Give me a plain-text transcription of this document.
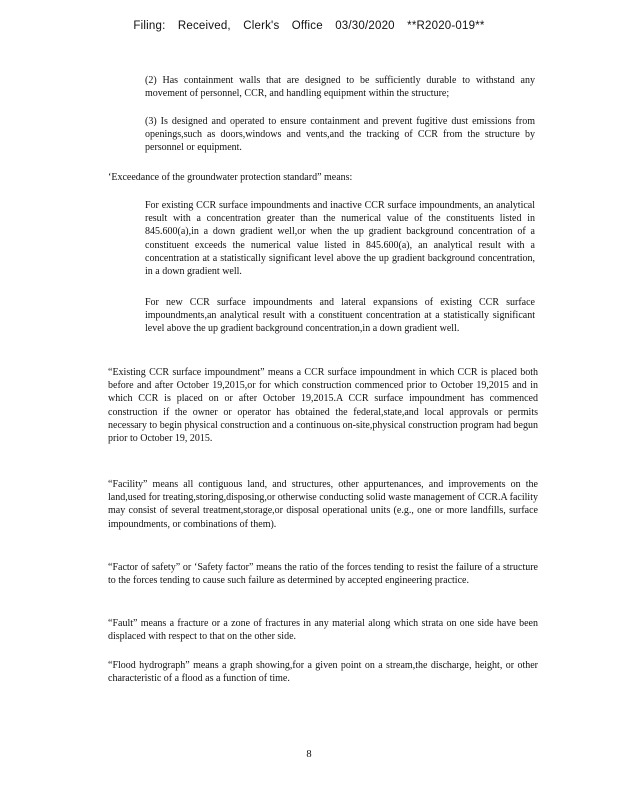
Filing: Received, Clerk's Office 03/30/2020 **R2020-019**
(2) Has containment walls that are designed to be sufficiently durable to withstand any movement of personnel, CCR, and handling equipment within the structure;
(3) Is designed and operated to ensure containment and prevent fugitive dust emissions from openings,such as doors,windows and vents,and the tracking of CCR from the structure by personnel or equipment.
‘Exceedance of the groundwater protection standard” means:
For existing CCR surface impoundments and inactive CCR surface impoundments, an analytical result with a concentration greater than the numerical value of the constituents listed in 845.600(a),in a down gradient well,or when the up gradient background concentration of a constituent exceeds the numerical value listed in 845.600(a), an analytical result with a concentration at a statistically significant level above the up gradient background concentration, in a down gradient well.
For new CCR surface impoundments and lateral expansions of existing CCR surface impoundments,an analytical result with a constituent concentration at a statistically significant level above the up gradient background concentration,in a down gradient well.
“Existing CCR surface impoundment” means a CCR surface impoundment in which CCR is placed both before and after October 19,2015,or for which construction commenced prior to October 19,2015 and in which CCR is placed on or after October 19,2015.A CCR surface impoundment has commenced construction if the owner or operator has obtained the federal,state,and local approvals or permits necessary to begin physical construction and a continuous on-site,physical construction program had begun prior to October 19, 2015.
“Facility” means all contiguous land, and structures, other appurtenances, and improvements on the land,used for treating,storing,disposing,or otherwise conducting solid waste management of CCR.A facility may consist of several treatment,storage,or disposal operational units (e.g., one or more landfills, surface impoundments, or combinations of them).
“Factor of safety” or ‘Safety factor” means the ratio of the forces tending to resist the failure of a structure to the forces tending to cause such failure as determined by accepted engineering practice.
“Fault” means a fracture or a zone of fractures in any material along which strata on one side have been displaced with respect to that on the other side.
“Flood hydrograph” means a graph showing,for a given point on a stream,the discharge, height, or other characteristic of a flood as a function of time.
8
